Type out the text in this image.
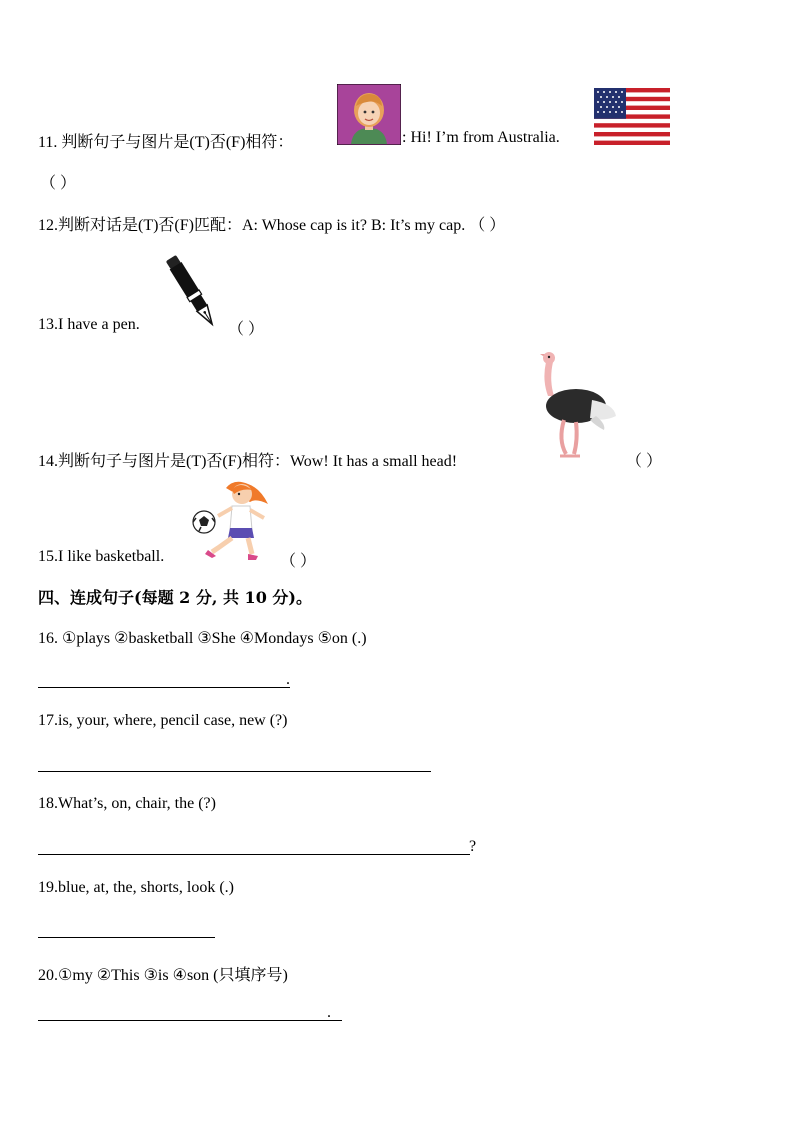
11. 判断句子与图片是(T)否(F)相符：	: Hi! I’m from Australia.
（ ）
12.判断对话是(T)否(F)匹配：A: Whose cap is it? B: It’s my cap. （ ）
13.I have a pen.	（ ）
14.判断句子与图片是(T)否(F)相符：Wow! It has a small head!	（ ）
15.I like basketball.	（ ）
四、连成句子(每题 2 分, 共 10 分)。
16. ①plays ②basketball ③She ④Mondays ⑤on (.)
.
17.is, your, where, pencil case, new (?)
18.What’s, on, chair, the (?)
?
19.blue, at, the, shorts, look (.)
20.①my ②This ③is ④son (只填序号)
.
